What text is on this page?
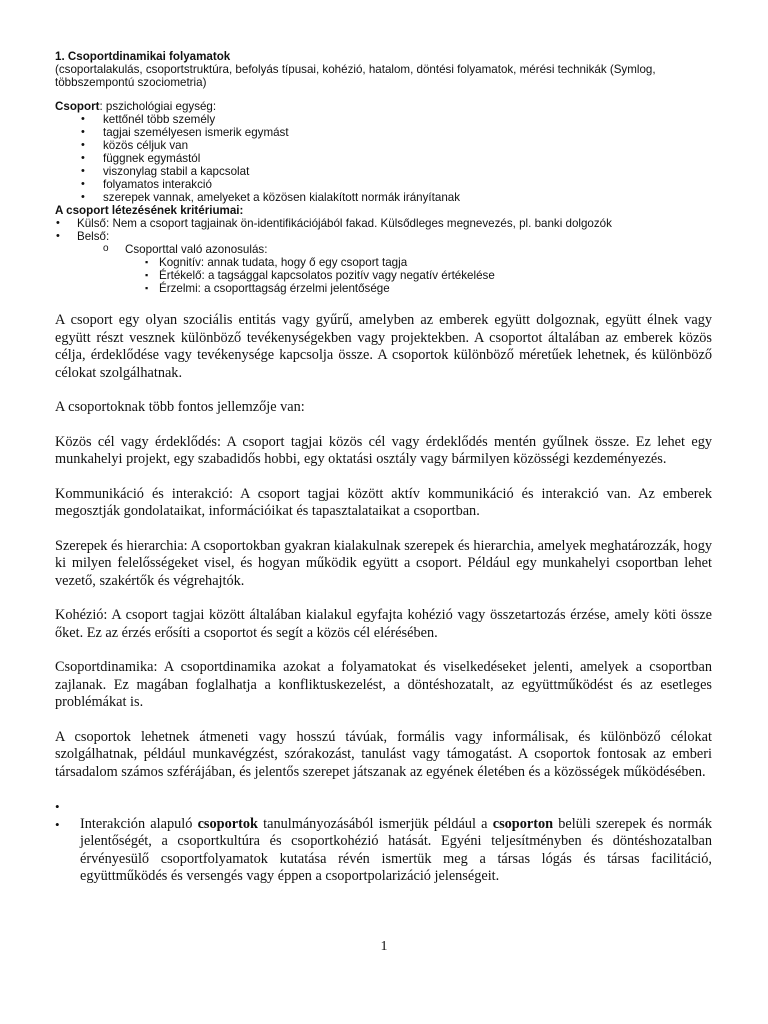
1. Csoportdinamikai folyamatok
(csoportalakulás, csoportstruktúra, befolyás típusai, kohézió, hatalom, döntési folyamatok, mérési technikák (Symlog, többszempontú szociometria)
Csoport: pszichológiai egység:
• kettőnél több személy
• tagjai személyesen ismerik egymást
• közös céljuk van
• függnek egymástól
• viszonylag stabil a kapcsolat
• folyamatos interakció
• szerepek vannak, amelyeket a közösen kialakított normák irányítanak
A csoport létezésének kritériumai:
• Külső: Nem a csoport tagjainak ön-identifikációjából fakad. Külsődleges megnevezés, pl. banki dolgozók
• Belső:
o Csoporttal való azonosulás:
▪ Kognitív: annak tudata, hogy ő egy csoport tagja
▪ Értékelő: a tagsággal kapcsolatos pozitív vagy negatív értékelése
▪ Érzelmi: a csoporttagság érzelmi jelentősége

A csoport egy olyan szociális entitás vagy gyűrű, amelyben az emberek együtt dolgoznak, együtt élnek vagy együtt részt vesznek különböző tevékenységekben vagy projektekben. A csoportot általában az emberek közös célja, érdeklődése vagy tevékenysége kapcsolja össze. A csoportok különböző méretűek lehetnek, és különböző célokat szolgálhatnak.

A csoportoknak több fontos jellemzője van:

Közös cél vagy érdeklődés: A csoport tagjai közös cél vagy érdeklődés mentén gyűlnek össze. Ez lehet egy munkahelyi projekt, egy szabadidős hobbi, egy oktatási osztály vagy bármilyen közösségi kezdeményezés.

Kommunikáció és interakció: A csoport tagjai között aktív kommunikáció és interakció van. Az emberek megosztják gondolataikat, információikat és tapasztalataikat a csoportban.

Szerepek és hierarchia: A csoportokban gyakran kialakulnak szerepek és hierarchia, amelyek meghatározzák, hogy ki milyen felelősségeket visel, és hogyan működik együtt a csoport. Például egy munkahelyi csoportban lehet vezető, szakértők és végrehajtók.

Kohézió: A csoport tagjai között általában kialakul egyfajta kohézió vagy összetartozás érzése, amely köti össze őket. Ez az érzés erősíti a csoportot és segít a közös cél elérésében.

Csoportdinamika: A csoportdinamika azokat a folyamatokat és viselkedéseket jelenti, amelyek a csoportban zajlanak. Ez magában foglalhatja a konfliktuskezelést, a döntéshozatalt, az együttműködést és az esetleges problémákat is.

A csoportok lehetnek átmeneti vagy hosszú távúak, formális vagy informálisak, és különböző célokat szolgálhatnak, például munkavégzést, szórakozást, tanulást vagy támogatást. A csoportok fontosak az emberi társadalom számos szférájában, és jelentős szerepet játszanak az egyének életében és a közösségek működésében.

•
• Interakción alapuló csoportok tanulmányozásából ismerjük például a csoporton belüli szerepek és normák jelentőségét, a csoportkultúra és csoportkohézió hatását. Egyéni teljesítményben és döntéshozatalban érvényesülő csoportfolyamatok kutatása révén ismertük meg a társas lógás és társas facilitáció, együttműködés és versengés vagy éppen a csoportpolarizáció jelenségeit.
1
